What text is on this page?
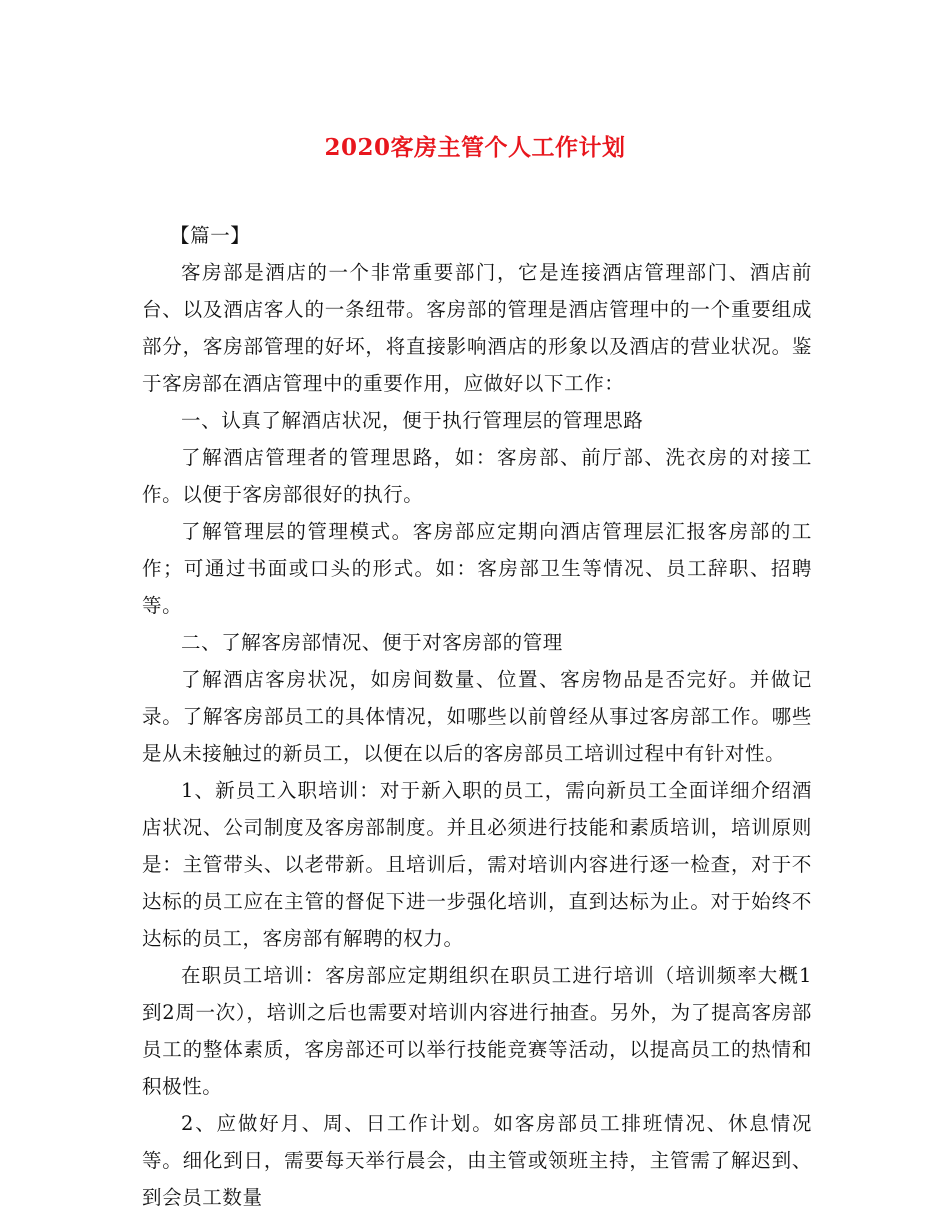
2020客房主管个人工作计划

【篇一】

客房部是酒店的一个非常重要部门，它是连接酒店管理部门、酒店前台、以及酒店客人的一条纽带。客房部的管理是酒店管理中的一个重要组成部分，客房部管理的好坏，将直接影响酒店的形象以及酒店的营业状况。鉴于客房部在酒店管理中的重要作用，应做好以下工作：

一、认真了解酒店状况，便于执行管理层的管理思路

了解酒店管理者的管理思路，如：客房部、前厅部、洗衣房的对接工作。以便于客房部很好的执行。

了解管理层的管理模式。客房部应定期向酒店管理层汇报客房部的工作；可通过书面或口头的形式。如：客房部卫生等情况、员工辞职、招聘等。

二、了解客房部情况、便于对客房部的管理

了解酒店客房状况，如房间数量、位置、客房物品是否完好。并做记录。了解客房部员工的具体情况，如哪些以前曾经从事过客房部工作。哪些是从未接触过的新员工，以便在以后的客房部员工培训过程中有针对性。

1、新员工入职培训：对于新入职的员工，需向新员工全面详细介绍酒店状况、公司制度及客房部制度。并且必须进行技能和素质培训，培训原则是：主管带头、以老带新。且培训后，需对培训内容进行逐一检查，对于不达标的员工应在主管的督促下进一步强化培训，直到达标为止。对于始终不达标的员工，客房部有解聘的权力。

在职员工培训：客房部应定期组织在职员工进行培训（培训频率大概1到2周一次），培训之后也需要对培训内容进行抽查。另外，为了提高客房部员工的整体素质，客房部还可以举行技能竞赛等活动，以提高员工的热情和积极性。

2、应做好月、周、日工作计划。如客房部员工排班情况、休息情况等。细化到日，需要每天举行晨会，由主管或领班主持，主管需了解迟到、到会员工数量
